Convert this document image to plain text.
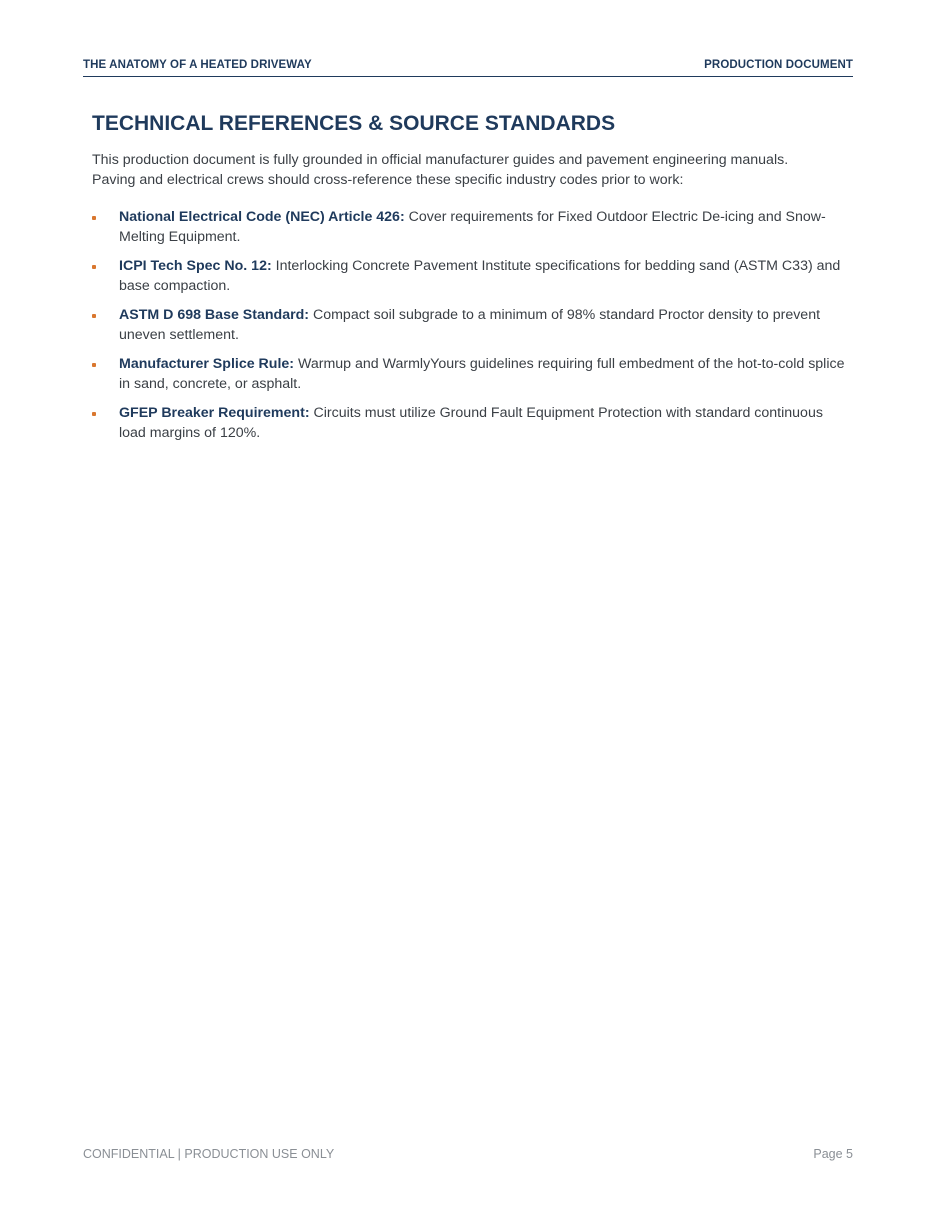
THE ANATOMY OF A HEATED DRIVEWAY	PRODUCTION DOCUMENT
TECHNICAL REFERENCES & SOURCE STANDARDS

This production document is fully grounded in official manufacturer guides and pavement engineering manuals.
Paving and electrical crews should cross-reference these specific industry codes prior to work:

National Electrical Code (NEC) Article 426: Cover requirements for Fixed Outdoor Electric De-icing and Snow-Melting Equipment.
ICPI Tech Spec No. 12: Interlocking Concrete Pavement Institute specifications for bedding sand (ASTM C33) and base compaction.
ASTM D 698 Base Standard: Compact soil subgrade to a minimum of 98% standard Proctor density to prevent uneven settlement.
Manufacturer Splice Rule: Warmup and WarmlyYours guidelines requiring full embedment of the hot-to-cold splice in sand, concrete, or asphalt.
GFEP Breaker Requirement: Circuits must utilize Ground Fault Equipment Protection with standard continuous load margins of 120%.
CONFIDENTIAL | PRODUCTION USE ONLY	Page 5
